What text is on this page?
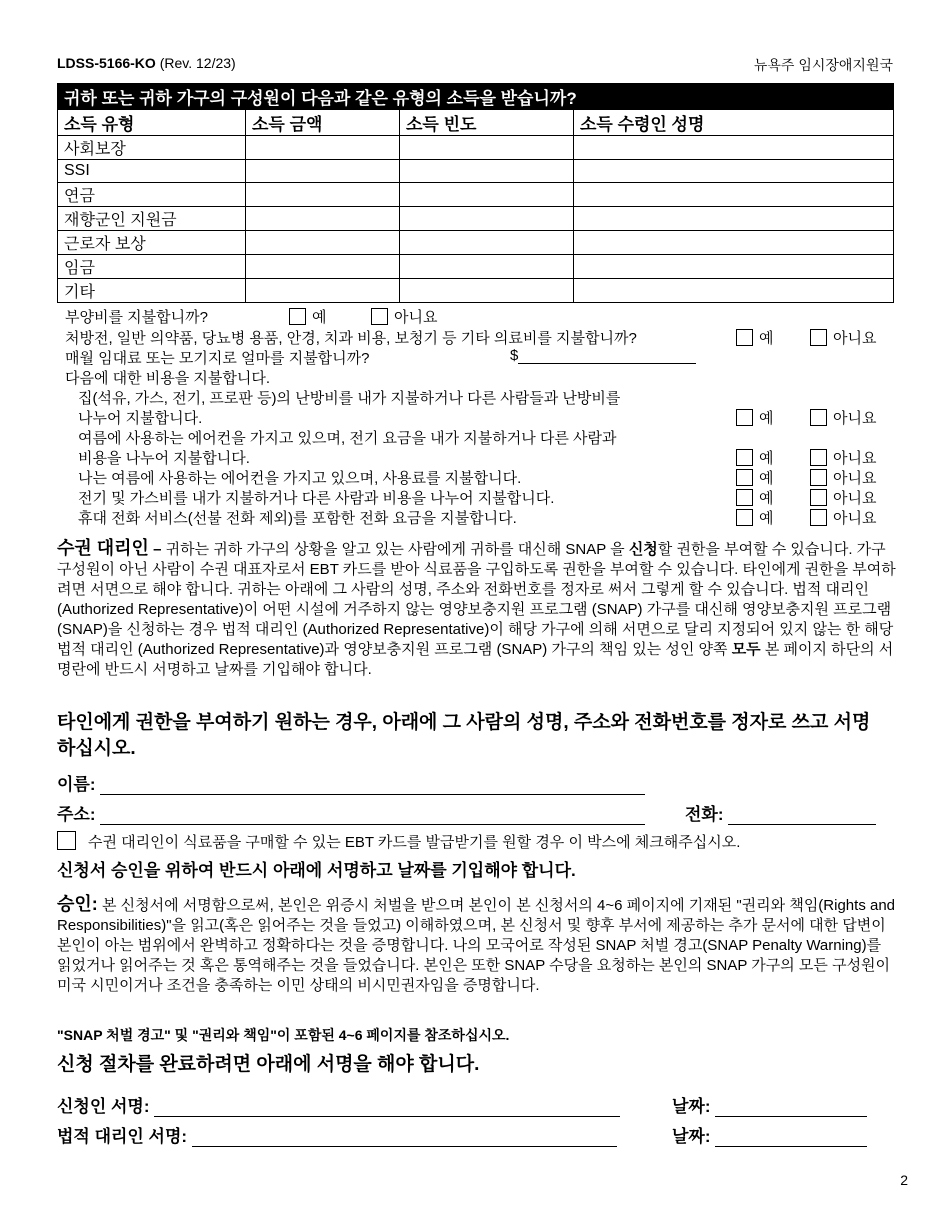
LDSS-5166-KO (Rev. 12/23)	뉴욕주 임시장애지원국
귀하 또는 귀하 가구의 구성원이 다음과 같은 유형의 소득을 받습니까?			
소득 유형	소득 금액	소득 빈도	소득 수령인 성명
사회보장			
SSI			
연금			
재향군인 지원금			
근로자 보상			
임금			
기타			
부양비를 지불합니까?	예	아니요
처방전, 일반 의약품, 당뇨병 용품, 안경, 치과 비용, 보청기 등 기타 의료비를 지불합니까?	예	아니요
매월 임대료 또는 모기지로 얼마를 지불합니까?	$
다음에 대한 비용을 지불합니다.
집(석유, 가스, 전기, 프로판 등)의 난방비를 내가 지불하거나 다른 사람들과 난방비를
나누어 지불합니다.	예	아니요
여름에 사용하는 에어컨을 가지고 있으며, 전기 요금을 내가 지불하거나 다른 사람과
비용을 나누어 지불합니다.	예	아니요
나는 여름에 사용하는 에어컨을 가지고 있으며, 사용료를 지불합니다.	예	아니요
전기 및 가스비를 내가 지불하거나 다른 사람과 비용을 나누어 지불합니다.	예	아니요
휴대 전화 서비스(선불 전화 제외)를 포함한 전화 요금을 지불합니다.	예	아니요
수권 대리인 – 귀하는 귀하 가구의 상황을 알고 있는 사람에게 귀하를 대신해 SNAP 을 신청할 권한을 부여할 수 있습니다. 가구 구성원이 아닌 사람이 수권 대표자로서 EBT 카드를 받아 식료품을 구입하도록 권한을 부여할 수 있습니다. 타인에게 권한을 부여하려면 서면으로 해야 합니다. 귀하는 아래에 그 사람의 성명, 주소와 전화번호를 정자로 써서 그렇게 할 수 있습니다. 법적 대리인 (Authorized Representative)이 어떤 시설에 거주하지 않는 영양보충지원 프로그램 (SNAP) 가구를 대신해 영양보충지원 프로그램 (SNAP)을 신청하는 경우 법적 대리인 (Authorized Representative)이 해당 가구에 의해 서면으로 달리 지정되어 있지 않는 한 해당 법적 대리인 (Authorized Representative)과 영양보충지원 프로그램 (SNAP) 가구의 책임 있는 성인 양쪽 모두 본 페이지 하단의 서명란에 반드시 서명하고 날짜를 기입해야 합니다.
타인에게 권한을 부여하기 원하는 경우, 아래에 그 사람의 성명, 주소와 전화번호를 정자로 쓰고 서명하십시오.
이름:
주소:	전화:
수권 대리인이 식료품을 구매할 수 있는 EBT 카드를 발급받기를 원할 경우 이 박스에 체크해주십시오.
신청서 승인을 위하여 반드시 아래에 서명하고 날짜를 기입해야 합니다.
승인: 본 신청서에 서명함으로써, 본인은 위증시 처벌을 받으며 본인이 본 신청서의 4~6 페이지에 기재된 "권리와 책임(Rights and Responsibilities)"을 읽고(혹은 읽어주는 것을 들었고) 이해하였으며, 본 신청서 및 향후 부서에 제공하는 추가 문서에 대한 답변이 본인이 아는 범위에서 완벽하고 정확하다는 것을 증명합니다. 나의 모국어로 작성된 SNAP 처벌 경고(SNAP Penalty Warning)를 읽었거나 읽어주는 것 혹은 통역해주는 것을 들었습니다. 본인은 또한 SNAP 수당을 요청하는 본인의 SNAP 가구의 모든 구성원이 미국 시민이거나 조건을 충족하는 이민 상태의 비시민권자임을 증명합니다.
"SNAP 처벌 경고" 및 "권리와 책임"이 포함된 4~6 페이지를 참조하십시오.
신청 절차를 완료하려면 아래에 서명을 해야 합니다.
신청인 서명:	날짜:
법적 대리인 서명:	날짜:
2
